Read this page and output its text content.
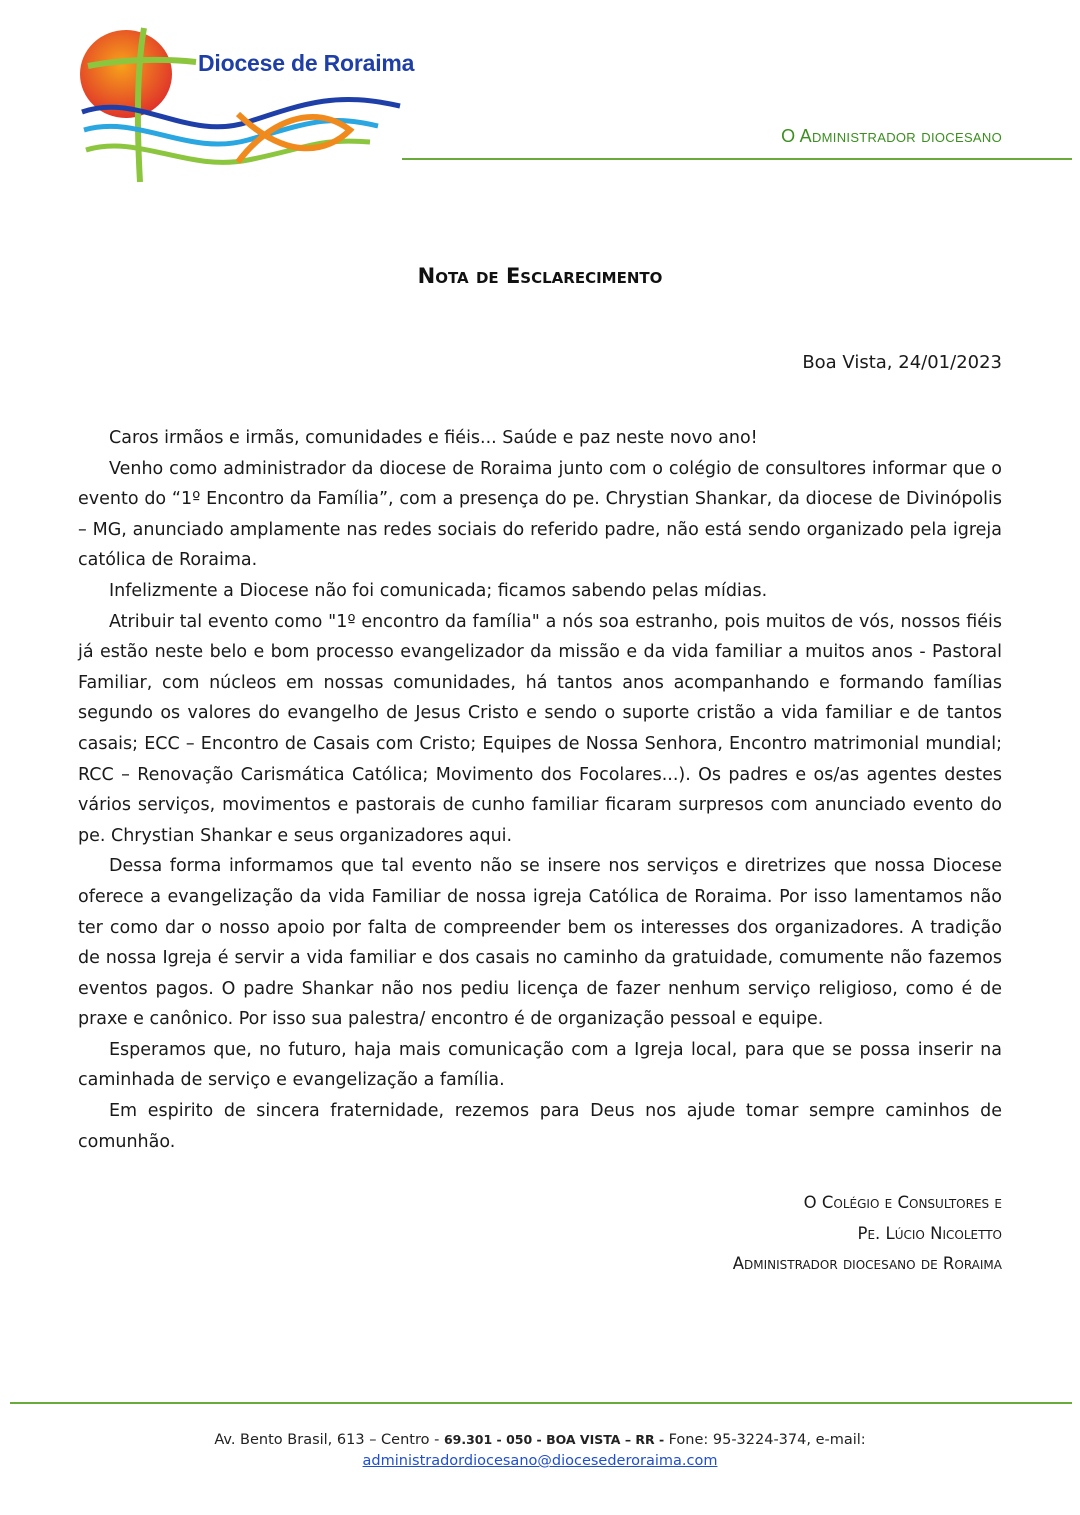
Diocese de Roraima
O Administrador diocesano
Nota de Esclarecimento
Boa Vista, 24/01/2023

Caros irmãos e irmãs, comunidades e fiéis... Saúde e paz neste novo ano!

Venho como administrador da diocese de Roraima junto com o colégio de consultores informar que o evento do “1º Encontro da Família”, com a presença do pe. Chrystian Shankar, da diocese de Divinópolis – MG, anunciado amplamente nas redes sociais do referido padre, não está sendo organizado pela igreja católica de Roraima.

Infelizmente a Diocese não foi comunicada; ficamos sabendo pelas mídias.

Atribuir tal evento como "1º encontro da família" a nós soa estranho, pois muitos de vós, nossos fiéis já estão neste belo e bom processo evangelizador da missão e da vida familiar a muitos anos - Pastoral Familiar, com núcleos em nossas comunidades, há tantos anos acompanhando e formando famílias segundo os valores do evangelho de Jesus Cristo e sendo o suporte cristão a vida familiar e de tantos casais; ECC – Encontro de Casais com Cristo; Equipes de Nossa Senhora, Encontro matrimonial mundial; RCC – Renovação Carismática Católica; Movimento dos Focolares...). Os padres e os/as agentes destes vários serviços, movimentos e pastorais de cunho familiar ficaram surpresos com anunciado evento do pe. Chrystian Shankar e seus organizadores aqui.

Dessa forma informamos que tal evento não se insere nos serviços e diretrizes que nossa Diocese oferece a evangelização da vida Familiar de nossa igreja Católica de Roraima. Por isso lamentamos não ter como dar o nosso apoio por falta de compreender bem os interesses dos organizadores. A tradição de nossa Igreja é servir a vida familiar e dos casais no caminho da gratuidade, comumente não fazemos eventos pagos. O padre Shankar não nos pediu licença de fazer nenhum serviço religioso, como é de praxe e canônico. Por isso sua palestra/ encontro é de organização pessoal e equipe.

Esperamos que, no futuro, haja mais comunicação com a Igreja local, para que se possa inserir na caminhada de serviço e evangelização a família.

Em espirito de sincera fraternidade, rezemos para Deus nos ajude tomar sempre caminhos de comunhão.

O Colégio e Consultores e
Pe. Lúcio Nicoletto
Administrador diocesano de Roraima
Av. Bento Brasil, 613 – Centro - 69.301 - 050 - BOA VISTA – RR - Fone: 95-3224-374, e-mail:
administradordiocesano@diocesederoraima.com
